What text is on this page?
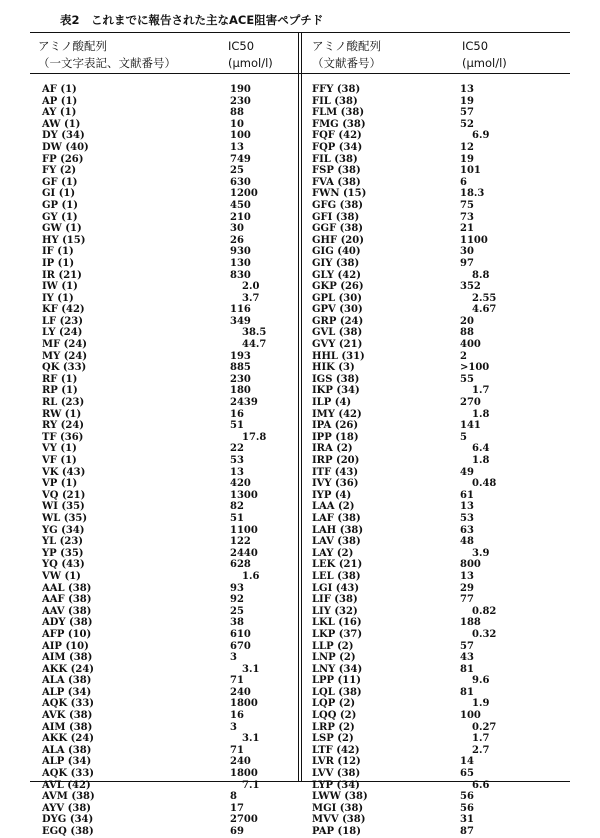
表2　これまでに報告された主なACE阻害ペプチド
アミノ酸配列
（一文字表記、文献番号）
IC50
(μmol/l)
アミノ酸配列
（文献番号）
IC50
(μmol/l)
AF (1)	190
AP (1)	230
AY (1)	88
AW (1)	10
DY (34)	100
DW (40)	13
FP (26)	749
FY (2)	25
GF (1)	630
GI (1)	1200
GP (1)	450
GY (1)	210
GW (1)	30
HY (15)	26
IF (1)	930
IP (1)	130
IR (21)	830
IW (1)	2.0
IY (1)	3.7
KF (42)	116
LF (23)	349
LY (24)	38.5
MF (24)	44.7
MY (24)	193
QK (33)	885
RF (1)	230
RP (1)	180
RL (23)	2439
RW (1)	16
RY (24)	51
TF (36)	17.8
VY (1)	22
VF (1)	53
VK (43)	13
VP (1)	420
VQ (21)	1300
WI (35)	82
WL (35)	51
YG (34)	1100
YL (23)	122
YP (35)	2440
YQ (43)	628
VW (1)	1.6
AAL (38)	93
AAF (38)	92
AAV (38)	25
ADY (38)	38
AFP (10)	610
AIP (10)	670
AIM (38)	3
AKK (24)	3.1
ALA (38)	71
ALP (34)	240
AQK (33)	1800
AVK (38)	16
AIM (38)	3
AKK (24)	3.1
ALA (38)	71
ALP (34)	240
AQK (33)	1800
AVL (42)	7.1
AVM (38)	8
AYV (38)	17
DYG (34)	2700
EGQ (38)	69
FFY (38)	13
FIL (38)	19
FLM (38)	57
FMG (38)	52
FQF (42)	6.9
FQP (34)	12
FIL (38)	19
FSP (38)	101
FVA (38)	6
FWN (15)	18.3
GFG (38)	75
GFI (38)	73
GGF (38)	21
GHF (20)	1100
GIG (40)	30
GIY (38)	97
GLY (42)	8.8
GKP (26)	352
GPL (30)	2.55
GPV (30)	4.67
GRP (24)	20
GVL (38)	88
GVY (21)	400
HHL (31)	2
HIK (3)	>100
IGS (38)	55
IKP (34)	1.7
ILP (4)	270
IMY (42)	1.8
IPA (26)	141
IPP (18)	5
IRA (2)	6.4
IRP (20)	1.8
ITF (43)	49
IVY (36)	0.48
IYP (4)	61
LAA (2)	13
LAF (38)	53
LAH (38)	63
LAV (38)	48
LAY (2)	3.9
LEK (21)	800
LEL (38)	13
LGI (43)	29
LIF (38)	77
LIY (32)	0.82
LKL (16)	188
LKP (37)	0.32
LLP (2)	57
LNP (2)	43
LNY (34)	81
LPP (11)	9.6
LQL (38)	81
LQP (2)	1.9
LQQ (2)	100
LRP (2)	0.27
LSP (2)	1.7
LTF (42)	2.7
LVR (12)	14
LVV (38)	65
LYP (34)	6.6
LWW (38)	56
MGI (38)	56
MVV (38)	31
PAP (18)	87
